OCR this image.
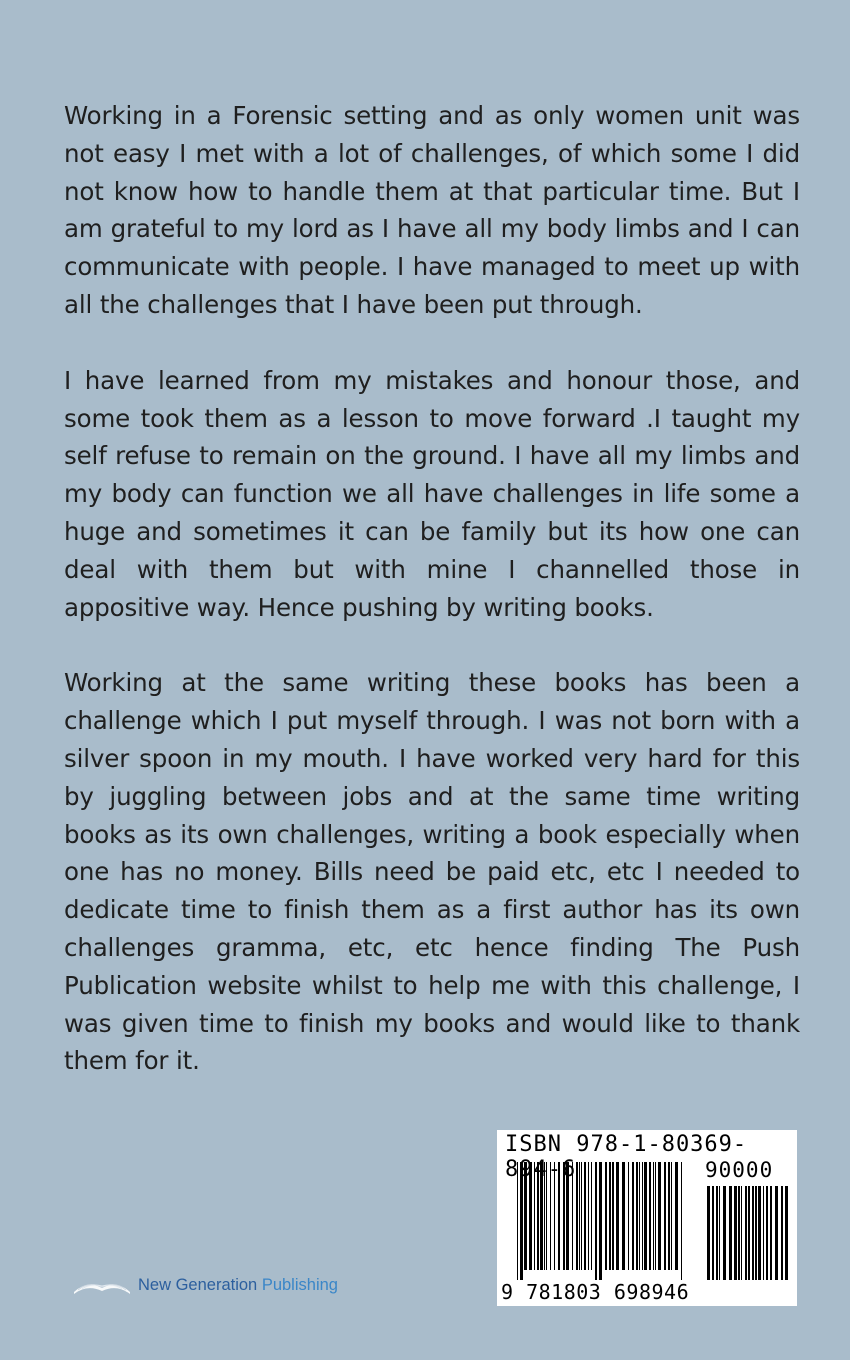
Working in a Forensic setting and as only women unit was not easy I met with a lot of challenges, of which some I did not know how to handle them at that particular time. But I am grateful to my lord as I have all my body limbs and I can communicate with people. I have managed to meet up with all the challenges that I have been put through.

I have learned from my mistakes and honour those, and some took them as a lesson to move forward .I taught my self refuse to remain on the ground. I have all my limbs and my body can function we all have challenges in life some a huge and sometimes it can be family but its how one can deal with them but with mine I channelled those in appositive way. Hence pushing by writing books.

Working at the same writing these books has been a challenge which I put myself through. I was not born with a silver spoon in my mouth. I have worked very hard for this by juggling between jobs and at the same time writing books as its own challenges, writing a book especially when one has no money. Bills need be paid etc, etc I needed to dedicate time to finish them as a first author has its own challenges gramma, etc, etc hence finding The Push Publication website whilst to help me with this challenge, I was given time to finish my books and would like to thank them for it.

New Generation Publishing
ISBN 978-1-80369-894-6	90000
9 781803 698946
